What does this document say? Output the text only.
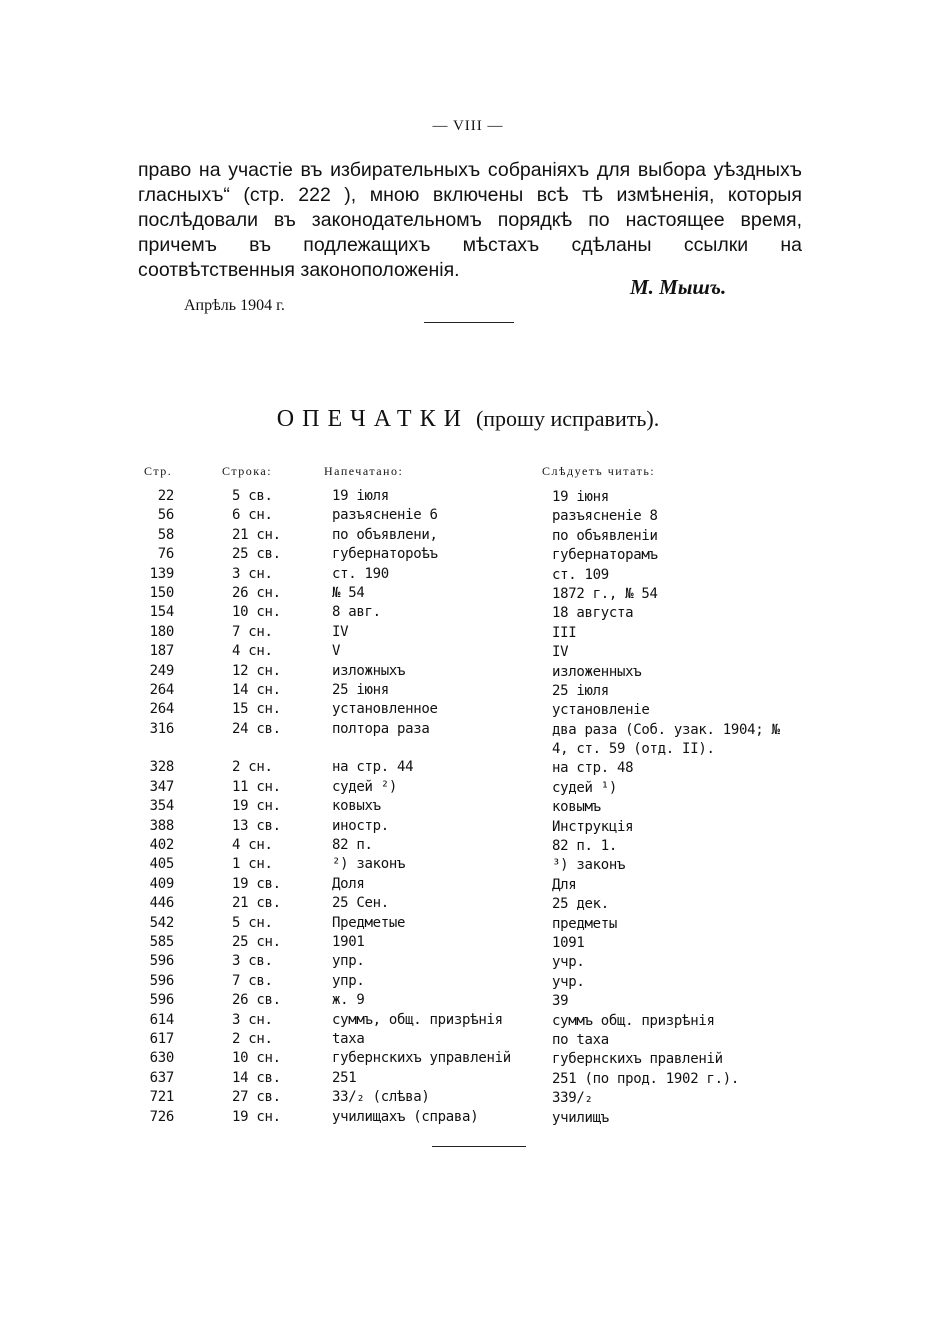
— VIII —

право на участіе въ избирательныхъ собраніяхъ для выбора уѣздныхъ гласныхъ“ (стр. 222 ), мною включены всѣ тѣ измѣненія, которыя послѣдовали въ законодательномъ порядкѣ по настоящее время, причемъ въ подлежащихъ мѣстахъ сдѣланы ссылки на соотвѣтственныя законоположенія.

М. Мышъ.
Апрѣль 1904 г.
ОПЕЧАТКИ (прошу исправить).
Стр.	Строка:	Напечатано:	Слѣдуетъ читать:
22	5 св.	19 іюля	19 іюня
56	6 сн.	разъясненіе 6	разъясненіе 8
58	21 сн.	по объявлени,	по объявленіи
76	25 св.	губернатороѣъ	губернаторамъ
139	3 сн.	ст. 190	ст. 109
150	26 сн.	№ 54	1872 г., № 54
154	10 сн.	8 авг.	18 августа
180	7 сн.	IV	III
187	4 сн.	V	IV
249	12 сн.	изложныхъ	изложенныхъ
264	14 сн.	25 іюня	25 іюля
264	15 сн.	установленное	установленіе
316	24 св.	полтора раза	два раза (Соб. узак. 1904; № 4, ст. 59 (отд. II).
328	2 сн.	на стр. 44	на стр. 48
347	11 сн.	судей ²)	судей ¹)
354	19 сн.	ковыхъ	ковымъ
388	13 св.	иностр.	Инструкція
402	4 сн.	82 п.	82 п. 1.
405	1 сн.	²) законъ	³) законъ
409	19 св.	Доля	Для
446	21 св.	25 Сен.	25 дек.
542	5 сн.	Предметые	предметы
585	25 сн.	1901	1091
596	3 св.	упр.	учр.
596	7 св.	упр.	учр.
596	26 св.	ж. 9	39
614	3 сн.	суммъ, общ. призрѣнія	суммъ общ. призрѣнія
617	2 сн.	taxa	по taxa
630	10 сн.	губернскихъ управленій	губернскихъ правленій
637	14 св.	251	251 (по прод. 1902 г.).
721	27 св.	33/₂ (слѣва)	339/₂
726	19 сн.	училищахъ (справа)	училищъ
